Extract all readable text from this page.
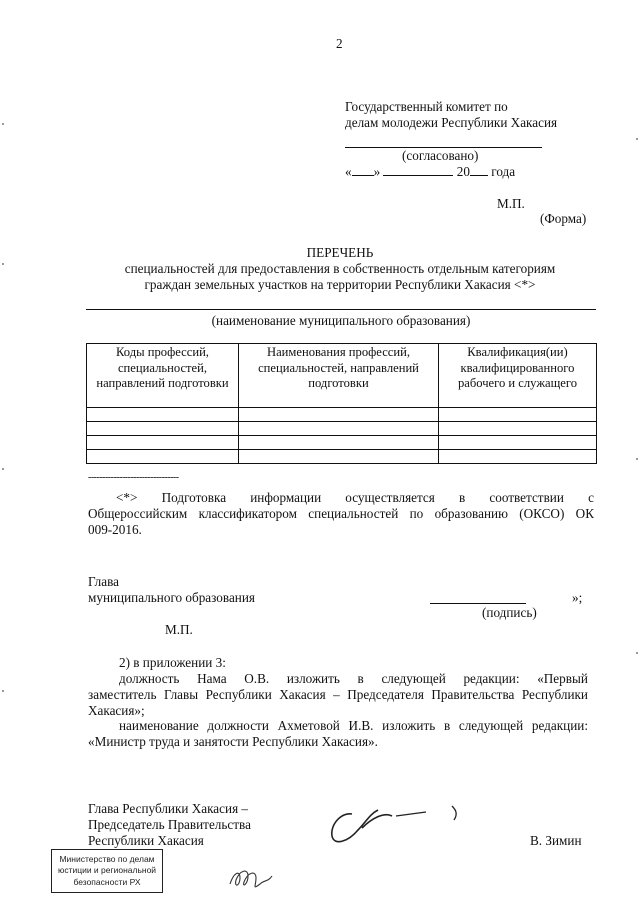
2
Государственный комитет по
делам молодежи Республики Хакасия
(согласовано)
« »	20 года
М.П.
(Форма)
ПЕРЕЧЕНЬ
специальностей для предоставления в собственность отдельным категориям
граждан земельных участков на территории Республики Хакасия <*>
(наименование муниципального образования)
Коды профессий, специальностей, направлений подготовки	Наименования профессий, специальностей, направлений подготовки	Квалификация(ии) квалифицированного рабочего и служащего

--------------------------------
<*> Подготовка информации осуществляется в соответствии с
Общероссийским классификатором специальностей по образованию (ОКСО) ОК
009-2016.
Глава
муниципального образования	»;
(подпись)
М.П.
2) в приложении 3:
должность Нама О.В. изложить в следующей редакции: «Первый
заместитель Главы Республики Хакасия – Председателя Правительства Республики
Хакасия»;
наименование должности Ахметовой И.В. изложить в следующей редакции:
«Министр труда и занятости Республики Хакасия».
Глава Республики Хакасия –
Председатель Правительства
Республики Хакасия	В. Зимин
Министерство по делам
юстиции и региональной
безопасности РХ
